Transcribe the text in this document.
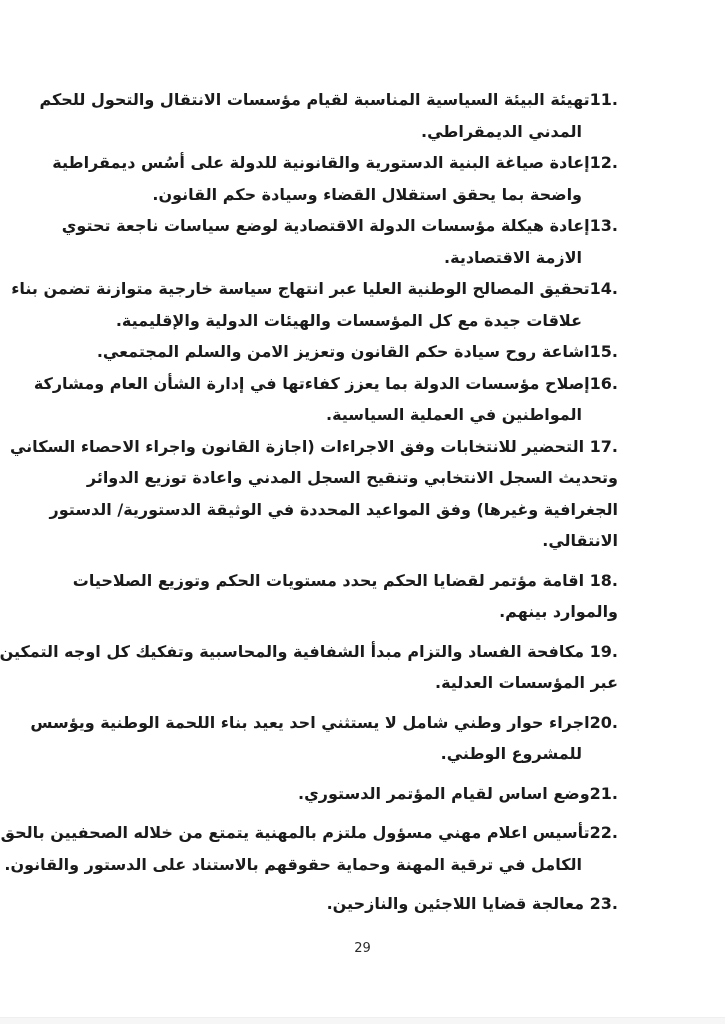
11.تهيئة البيئة السياسية المناسبة لقيام مؤسسات الانتقال والتحول للحكم
المدني الديمقراطي.
12.إعادة صياغة البنية الدستورية والقانونية للدولة على أسُس ديمقراطية
واضحة بما يحقق استقلال القضاء وسيادة حكم القانون.
13.إعادة هيكلة مؤسسات الدولة الاقتصادية لوضع سياسات ناجعة تحتوي
الازمة الاقتصادية.
14.تحقيق المصالح الوطنية العليا عبر انتهاج سياسة خارجية متوازنة تضمن بناء
علاقات جيدة مع كل المؤسسات والهيئات الدولية والإقليمية.
15.اشاعة روح سيادة حكم القانون وتعزيز الامن والسلم المجتمعي.
16.إصلاح مؤسسات الدولة بما يعزز كفاءتها في إدارة الشأن العام ومشاركة
المواطنين في العملية السياسية.
17. التحضير للانتخابات وفق الاجراءات (اجازة القانون واجراء الاحصاء السكاني
وتحديث السجل الانتخابي وتنقيح السجل المدني واعادة توزيع الدوائر
الجغرافية وغيرها) وفق المواعيد المحددة في الوثيقة الدستورية/ الدستور
الانتقالي.
18. اقامة مؤتمر لقضايا الحكم يحدد مستويات الحكم وتوزيع الصلاحيات
والموارد بينهم.
19. مكافحة الفساد والتزام مبدأ الشفافية والمحاسبية وتفكيك كل اوجه التمكين
عبر المؤسسات العدلية.
20.اجراء حوار وطني شامل لا يستثني احد يعيد بناء اللحمة الوطنية ويؤسس
للمشروع الوطني.
21.وضع اساس لقيام المؤتمر الدستوري.
22.تأسيس اعلام مهني مسؤول ملتزم بالمهنية يتمتع من خلاله الصحفيين بالحق
الكامل في ترقية المهنة وحماية حقوقهم بالاستناد على الدستور والقانون.
23. معالجة قضايا اللاجئين والنازحين.
29
